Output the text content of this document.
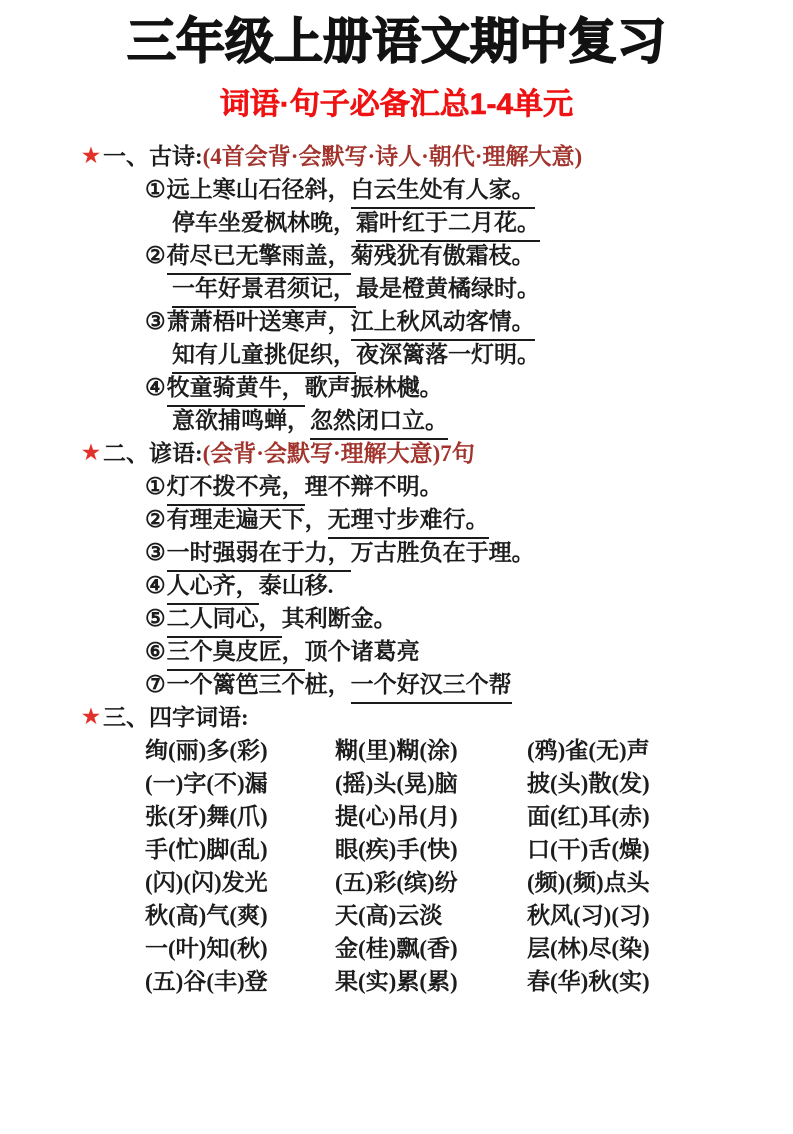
三年级上册语文期中复习
词语·句子必备汇总1-4单元
★ 一、古诗:(4首会背·会默写·诗人·朝代·理解大意)
①远上寒山石径斜，白云生处有人家。
停车坐爱枫林晚，霜叶红于二月花。
②荷尽已无擎雨盖，菊残犹有傲霜枝。
一年好景君须记，最是橙黄橘绿时。
③萧萧梧叶送寒声，江上秋风动客情。
知有儿童挑促织，夜深篱落一灯明。
④牧童骑黄牛，歌声振林樾。
意欲捕鸣蝉，忽然闭口立。
★ 二、谚语:(会背·会默写·理解大意)7句
①灯不拨不亮，理不辩不明。
②有理走遍天下，无理寸步难行。
③一时强弱在于力，万古胜负在于理。
④人心齐，泰山移.
⑤二人同心，其利断金。
⑥三个臭皮匠，顶个诸葛亮
⑦一个篱笆三个桩，一个好汉三个帮
★ 三、四字词语:
绚(丽)多(彩)	糊(里)糊(涂)	(鸦)雀(无)声
(一)字(不)漏	(摇)头(晃)脑	披(头)散(发)
张(牙)舞(爪)	提(心)吊(月)	面(红)耳(赤)
手(忙)脚(乱)	眼(疾)手(快)	口(干)舌(燥)
(闪)(闪)发光	(五)彩(缤)纷	(频)(频)点头
秋(高)气(爽)	天(高)云淡	秋风(习)(习)
一(叶)知(秋)	金(桂)飘(香)	层(林)尽(染)
(五)谷(丰)登	果(实)累(累)	春(华)秋(实)
